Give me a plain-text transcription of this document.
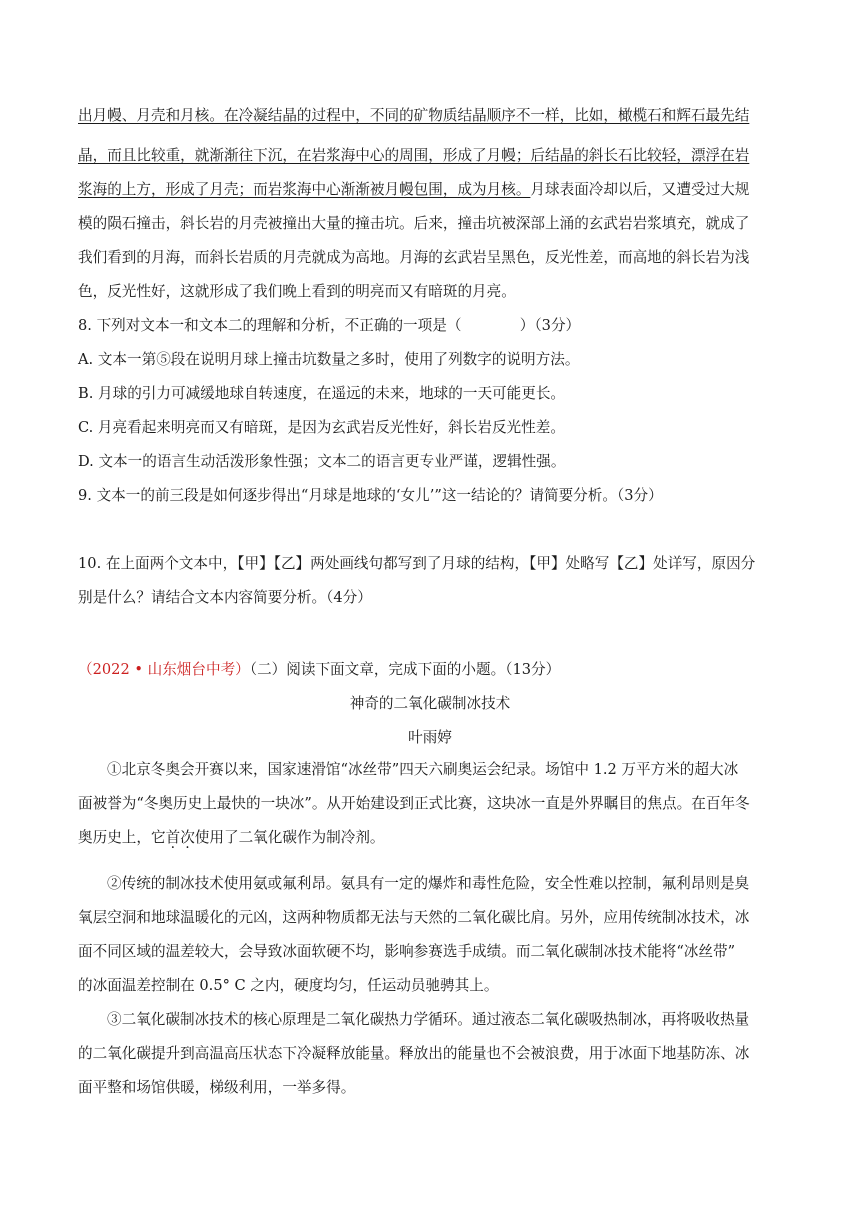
出月幔、月壳和月核。在冷凝结晶的过程中，不同的矿物质结晶顺序不一样，比如，橄榄石和辉石最先结
晶，而且比较重，就渐渐往下沉，在岩浆海中心的周围，形成了月幔；后结晶的斜长石比较轻，漂浮在岩
浆海的上方，形成了月壳；而岩浆海中心渐渐被月幔包围，成为月核。月球表面冷却以后，又遭受过大规
模的陨石撞击，斜长岩的月壳被撞出大量的撞击坑。后来，撞击坑被深部上涌的玄武岩岩浆填充，就成了
我们看到的月海，而斜长岩质的月壳就成为高地。月海的玄武岩呈黑色，反光性差，而高地的斜长岩为浅
色，反光性好，这就形成了我们晚上看到的明亮而又有暗斑的月亮。
8. 下列对文本一和文本二的理解和分析，不正确的一项是（　　　　）（3分）
A. 文本一第⑤段在说明月球上撞击坑数量之多时，使用了列数字的说明方法。
B. 月球的引力可减缓地球自转速度，在遥远的未来，地球的一天可能更长。
C. 月亮看起来明亮而又有暗斑，是因为玄武岩反光性好，斜长岩反光性差。
D. 文本一的语言生动活泼形象性强；文本二的语言更专业严谨，逻辑性强。
9. 文本一的前三段是如何逐步得出“月球是地球的‘女儿’”这一结论的？请简要分析。（3分）
10. 在上面两个文本中，【甲】【乙】两处画线句都写到了月球的结构，【甲】处略写【乙】处详写，原因分
别是什么？请结合文本内容简要分析。（4分）
（2022 • 山东烟台中考）（二）阅读下面文章，完成下面的小题。（13分）
神奇的二氧化碳制冰技术
叶雨婷
①北京冬奥会开赛以来，国家速滑馆“冰丝带”四天六刷奥运会纪录。场馆中 1.2 万平方米的超大冰
面被誉为“冬奥历史上最快的一块冰”。从开始建设到正式比赛，这块冰一直是外界瞩目的焦点。在百年冬
奥历史上，它首次使用了二氧化碳作为制冷剂。
②传统的制冰技术使用氨或氟利昂。氨具有一定的爆炸和毒性危险，安全性难以控制，氟利昂则是臭
氧层空洞和地球温暖化的元凶，这两种物质都无法与天然的二氧化碳比肩。另外，应用传统制冰技术，冰
面不同区域的温差较大，会导致冰面软硬不均，影响参赛选手成绩。而二氧化碳制冰技术能将“冰丝带”
的冰面温差控制在 0.5° C 之内，硬度均匀，任运动员驰骋其上。
③二氧化碳制冰技术的核心原理是二氧化碳热力学循环。通过液态二氧化碳吸热制冰，再将吸收热量
的二氧化碳提升到高温高压状态下冷凝释放能量。释放出的能量也不会被浪费，用于冰面下地基防冻、冰
面平整和场馆供暖，梯级利用，一举多得。
